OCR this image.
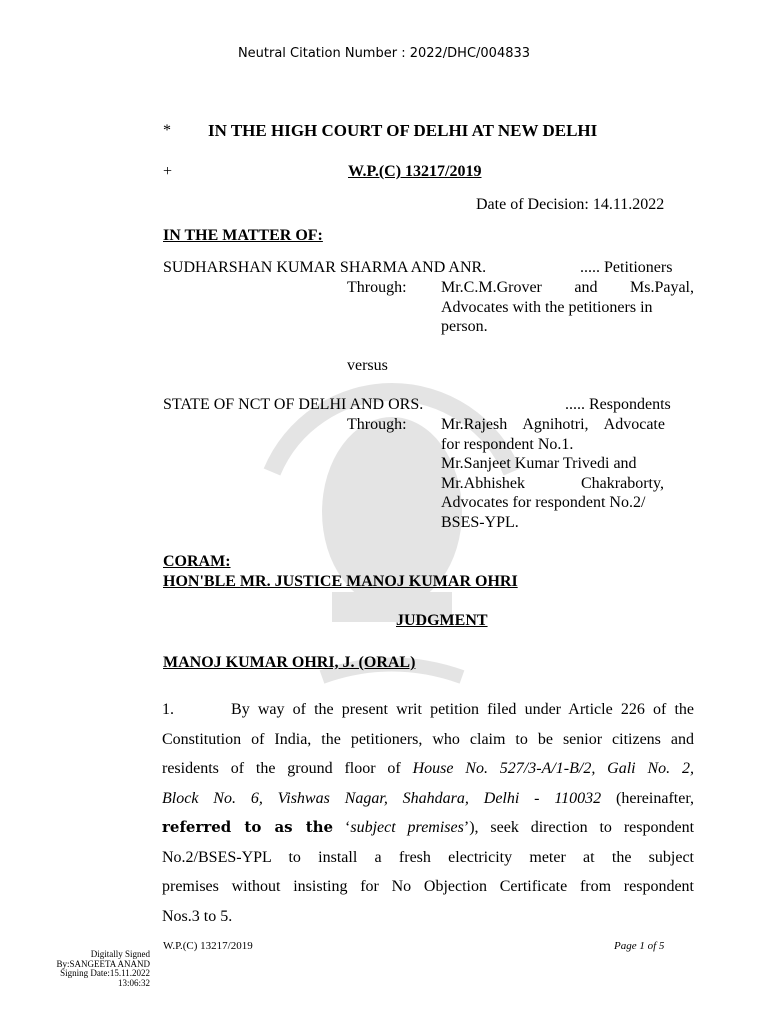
Neutral Citation Number : 2022/DHC/004833
* IN THE HIGH COURT OF DELHI AT NEW DELHI
+	W.P.(C) 13217/2019
Date of Decision: 14.11.2022
IN THE MATTER OF:
SUDHARSHAN KUMAR SHARMA AND ANR.	..... Petitioners
Through: Mr.C.M.Grover    and    Ms.Payal,
Advocates with the petitioners in
person.
versus
STATE OF NCT OF DELHI AND ORS.	..... Respondents
Through: Mr.Rajesh    Agnihotri,    Advocate
for respondent No.1.
Mr.Sanjeet Kumar Trivedi and
Mr.Abhishek              Chakraborty,
Advocates for respondent No.2/
BSES-YPL.
CORAM:
HON'BLE MR. JUSTICE MANOJ KUMAR OHRI
JUDGMENT
MANOJ KUMAR OHRI, J. (ORAL)
1.       By way of the present writ petition filed under Article 226 of the
Constitution of India, the petitioners, who claim to be senior citizens and
residents of the ground floor of House No. 527/3-A/1-B/2, Gali No. 2,
Block No. 6, Vishwas Nagar, Shahdara, Delhi - 110032 (hereinafter,
referred to as the ‘subject premises’), seek direction to respondent
No.2/BSES-YPL to install a fresh electricity meter at the subject
premises without insisting for No Objection Certificate from respondent
Nos.3 to 5.
Digitally Signed
By:SANGEETA ANAND
Signing Date:15.11.2022
13:06:32
W.P.(C) 13217/2019	Page 1 of 5
